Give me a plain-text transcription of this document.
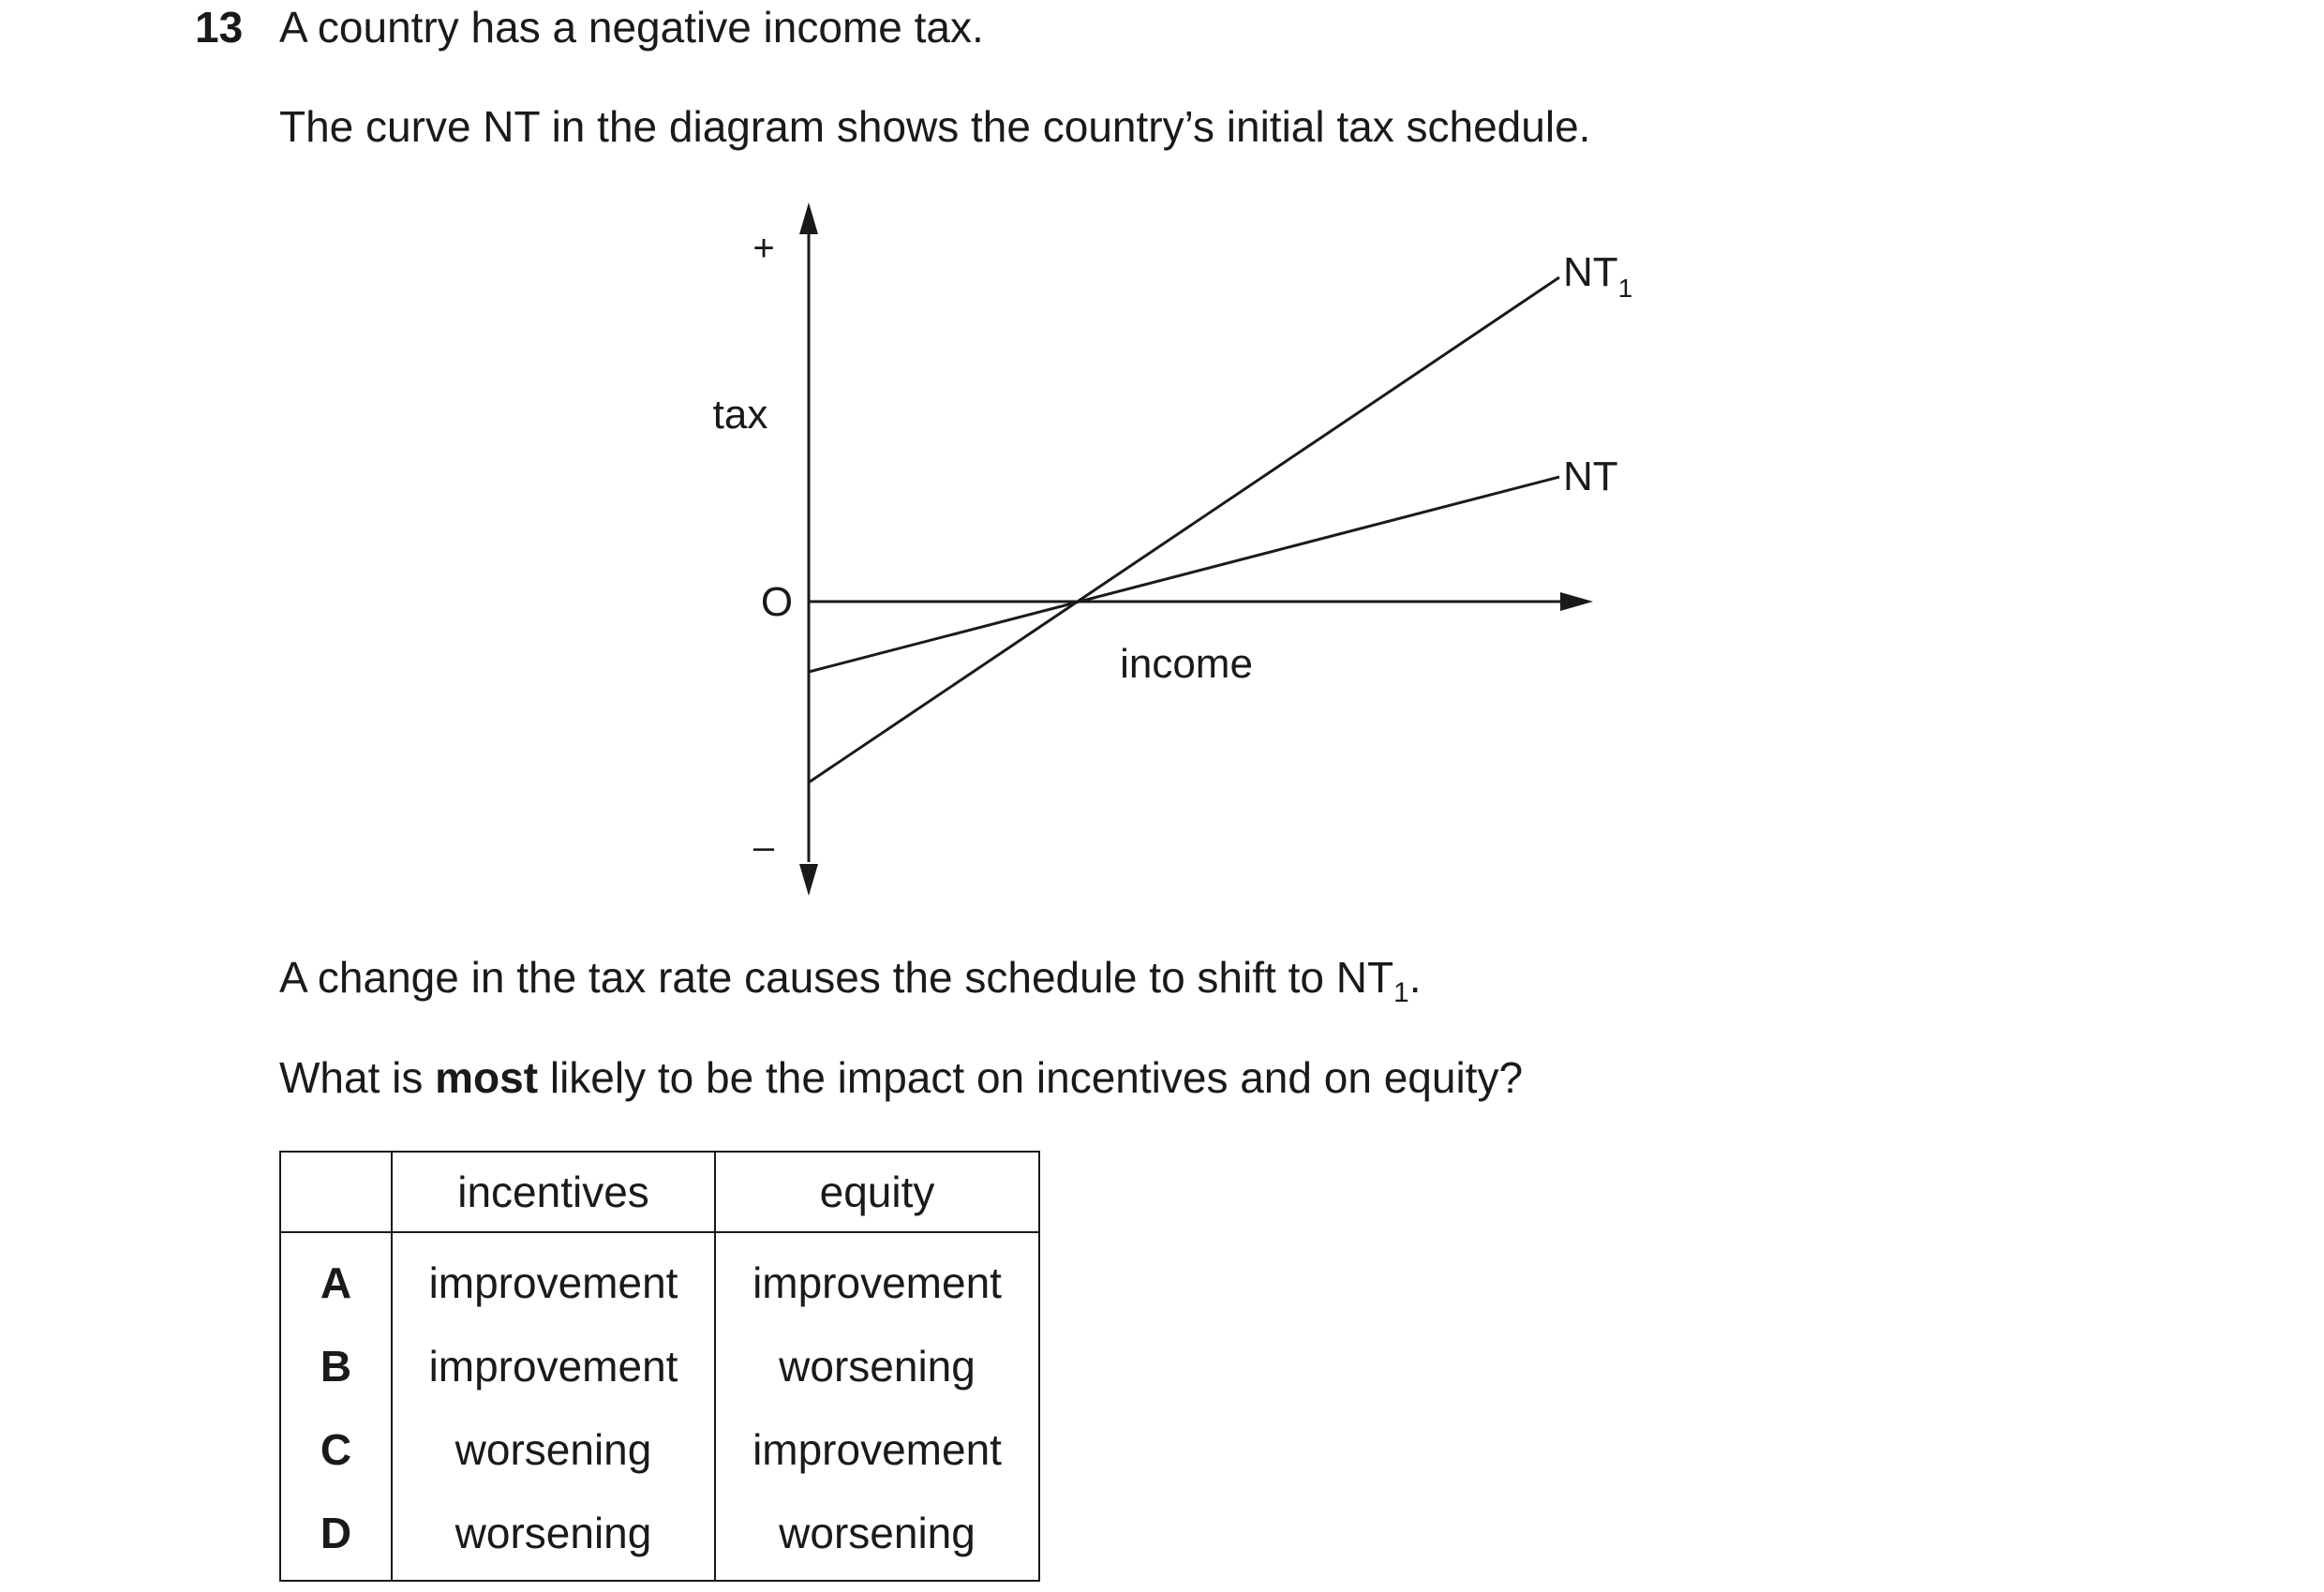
13 A country has a negative income tax.

The curve NT in the diagram shows the country’s initial tax schedule.

+
tax
O
income
–
$NT_1$
NT

A change in the tax rate causes the schedule to shift to $NT_1$.

What is most likely to be the impact on incentives and on equity?

	incentives	equity
A	improvement	improvement
B	improvement	worsening
C	worsening	improvement
D	worsening	worsening
